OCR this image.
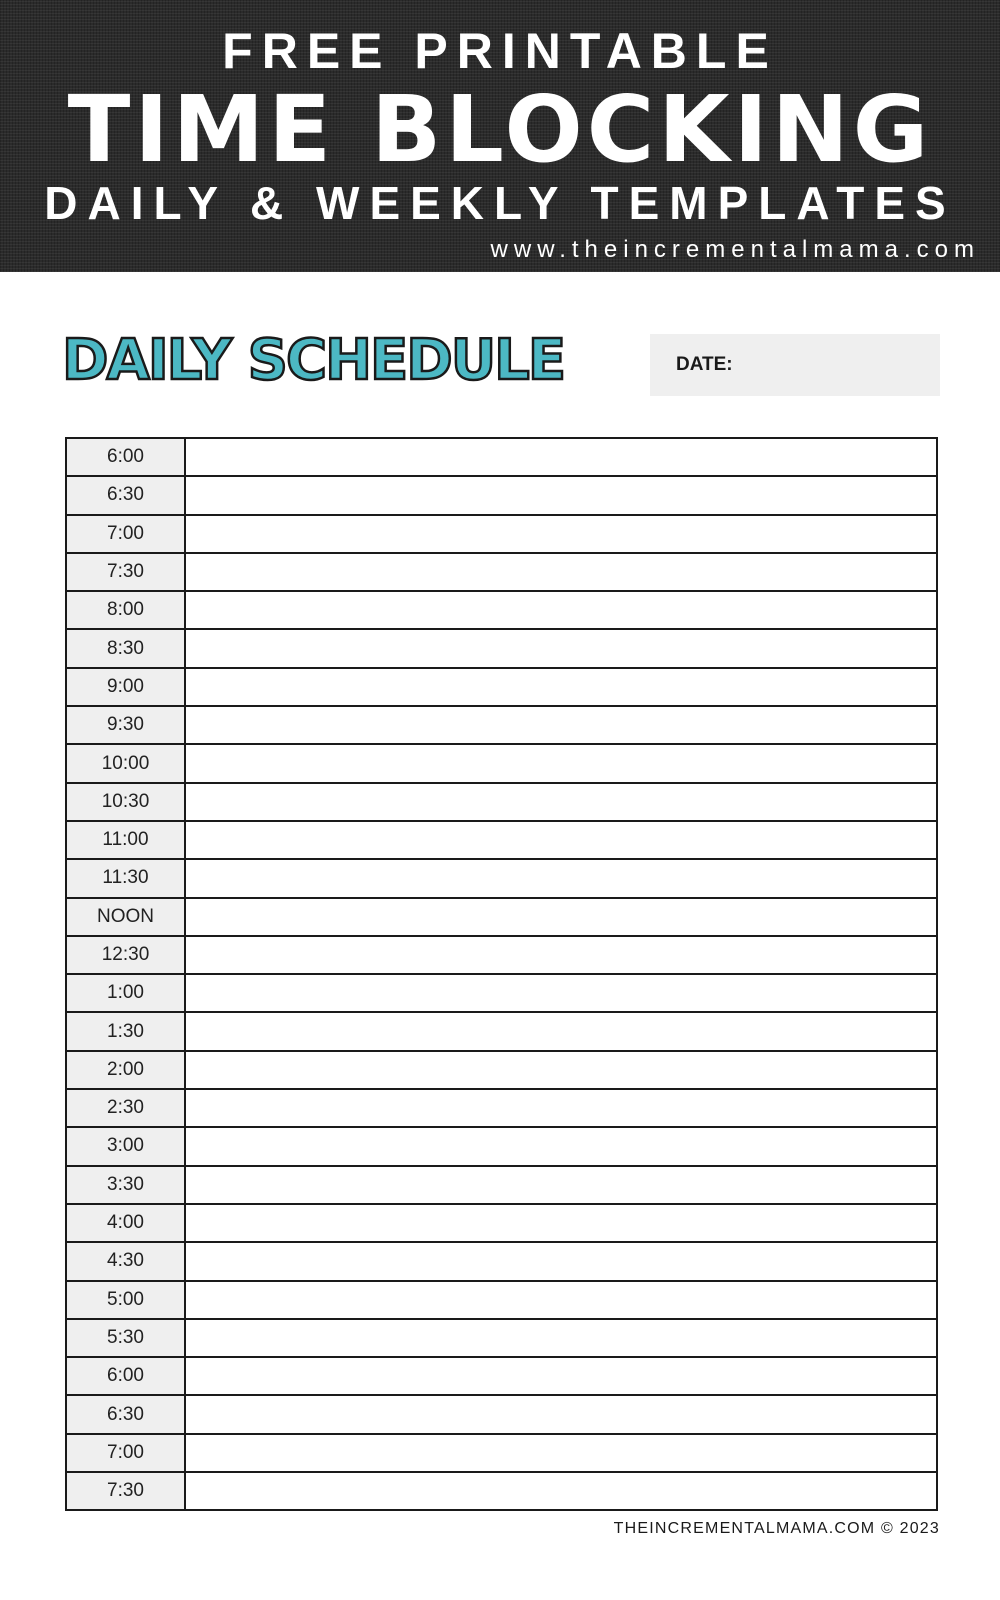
FREE PRINTABLE
TIME BLOCKING
DAILY & WEEKLY TEMPLATES
www.theincrementalmama.com
DAILY SCHEDULE	DATE:
6:00
6:30
7:00
7:30
8:00
8:30
9:00
9:30
10:00
10:30
11:00
11:30
NOON
12:30
1:00
1:30
2:00
2:30
3:00
3:30
4:00
4:30
5:00
5:30
6:00
6:30
7:00
7:30
THEINCREMENTALMAMA.COM © 2023
